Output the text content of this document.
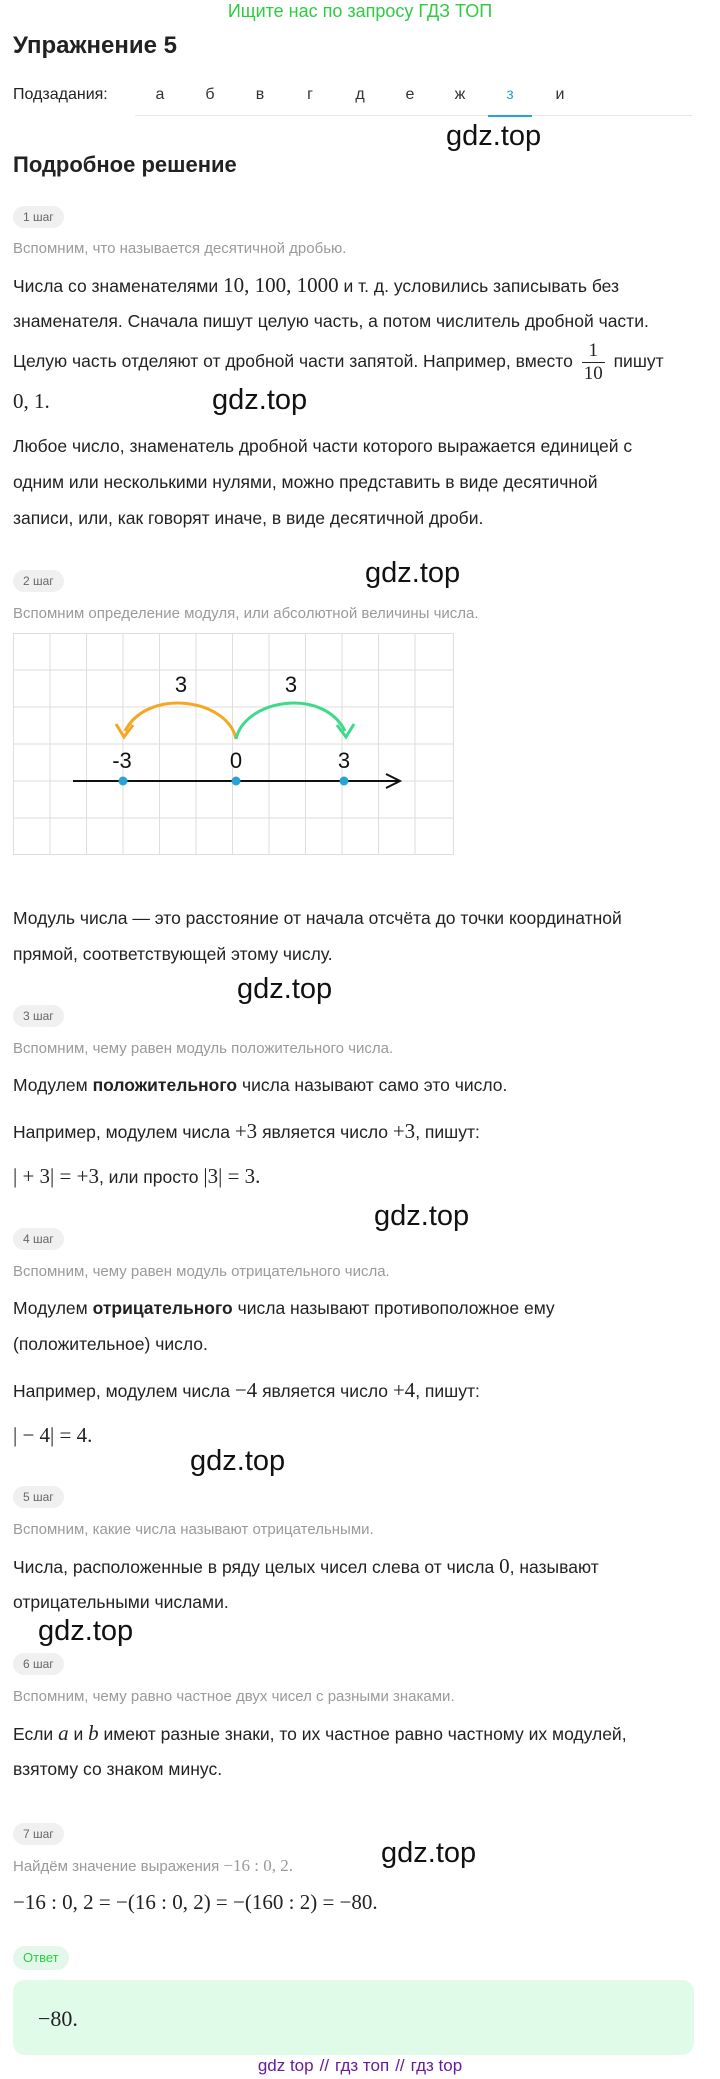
Ищите нас по запросу ГДЗ ТОП
Упражнение 5
Подзадания:	а	б	в	г	д	е	ж	з	и
gdz.top
Подробное решение
1 шаг
Вспомним, что называется десятичной дробью.
Числа со знаменателями 10, 100, 1000 и т. д. условились записывать без
знаменателя. Сначала пишут целую часть, а потом числитель дробной части.
Целую часть отделяют от дробной части запятой. Например, вместо $\frac{1}{10}$ пишут
0, 1.	gdz.top
Любое число, знаменатель дробной части которого выражается единицей с
одним или несколькими нулями, можно представить в виде десятичной
записи, или, как говорят иначе, в виде десятичной дроби.
gdz.top
2 шаг
Вспомним определение модуля, или абсолютной величины числа.
3	3
-3	0	3
Модуль числа — это расстояние от начала отсчёта до точки координатной
прямой, соответствующей этому числу.
gdz.top
3 шаг
Вспомним, чему равен модуль положительного числа.
Модулем положительного числа называют само это число.
Например, модулем числа +3 является число +3, пишут:
| + 3| = +3, или просто |3| = 3.
gdz.top
4 шаг
Вспомним, чему равен модуль отрицательного числа.
Модулем отрицательного числа называют противоположное ему
(положительное) число.
Например, модулем числа −4 является число +4, пишут:
| − 4| = 4.
gdz.top
5 шаг
Вспомним, какие числа называют отрицательными.
Числа, расположенные в ряду целых чисел слева от числа 0, называют
отрицательными числами.
gdz.top
6 шаг
Вспомним, чему равно частное двух чисел с разными знаками.
Если a и b имеют разные знаки, то их частное равно частному их модулей,
взятому со знаком минус.
7 шаг
gdz.top
Найдём значение выражения −16 : 0, 2.
−16 : 0, 2 = −(16 : 0, 2) = −(160 : 2) = −80.
Ответ
−80.
gdz top // гдз топ // гдз top
